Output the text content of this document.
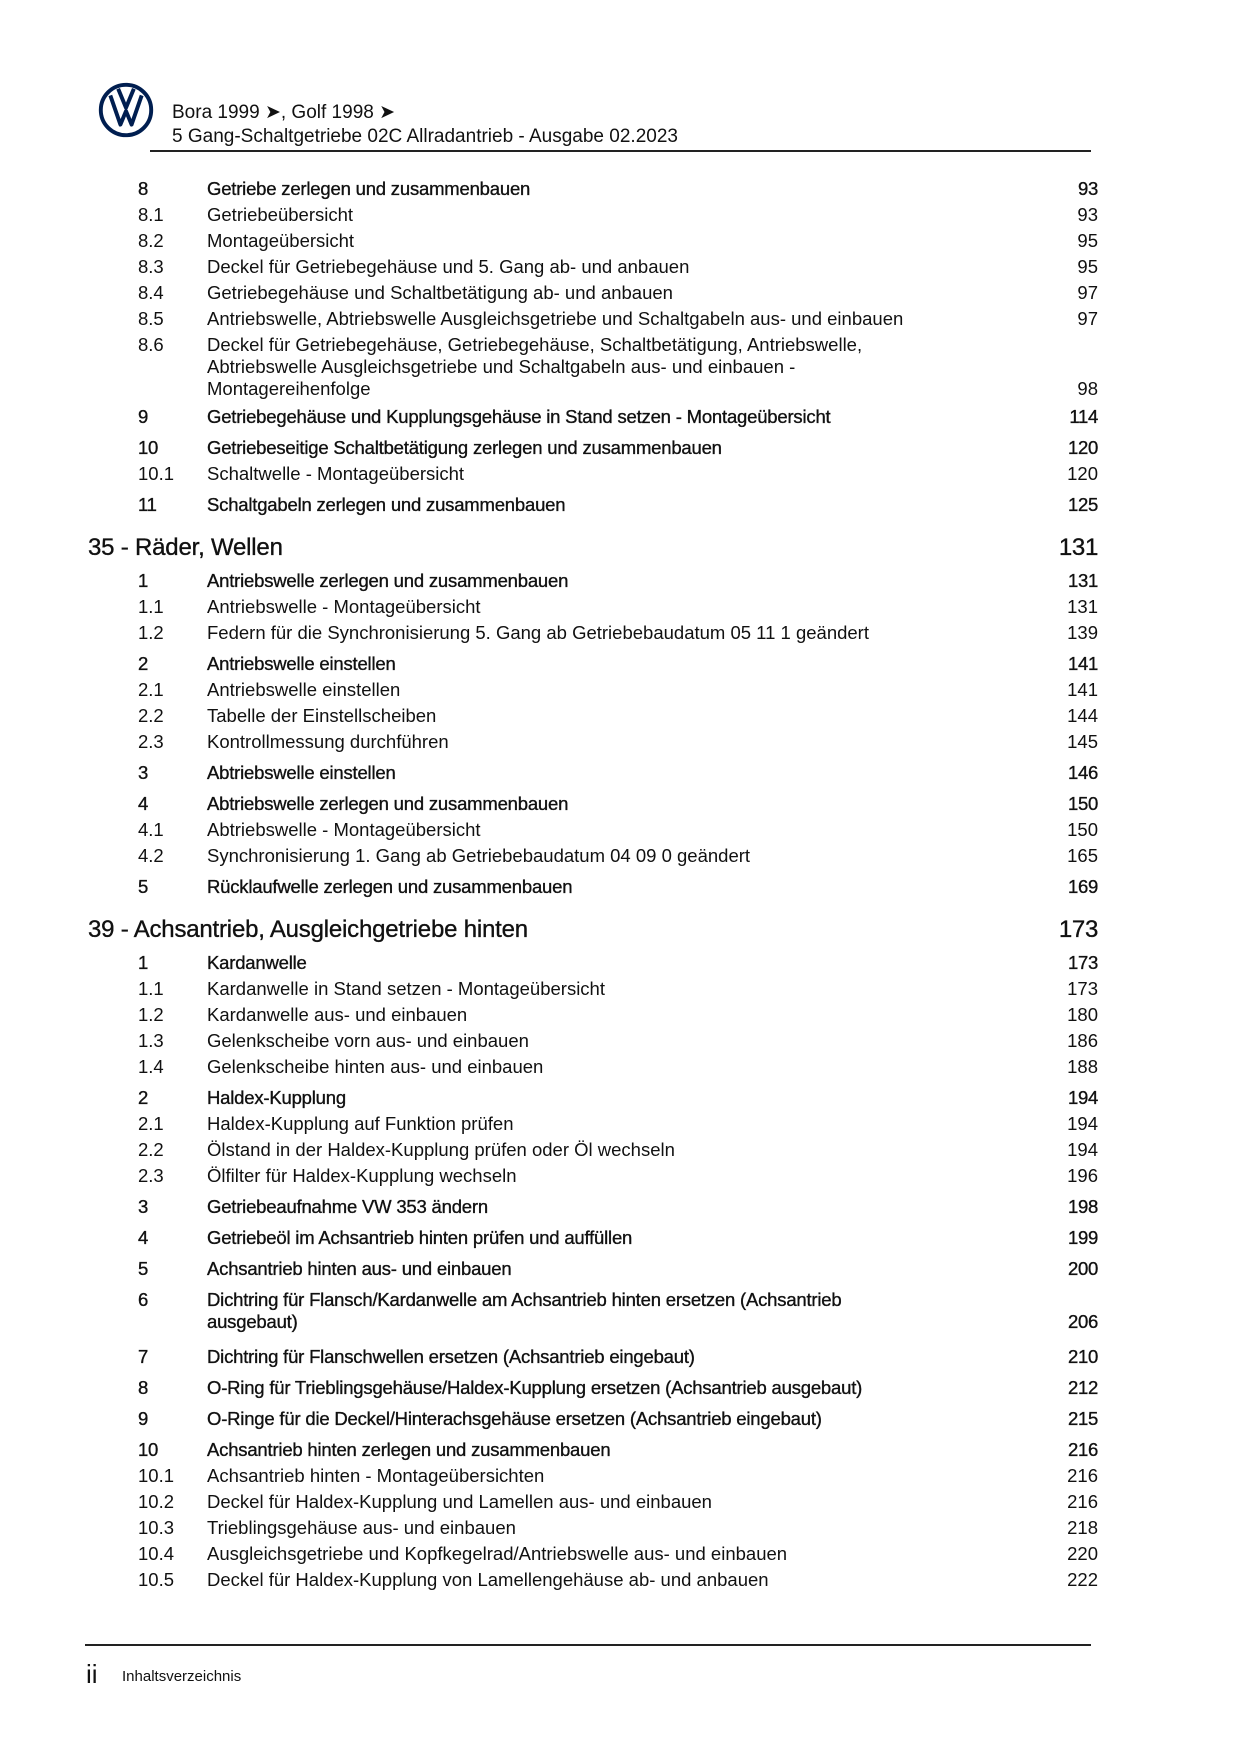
Bora 1999 ➤, Golf 1998 ➤
5 Gang-Schaltgetriebe 02C Allradantrieb - Ausgabe 02.2023
8	Getriebe zerlegen und zusammenbauen	93
8.1 Getriebeübersicht	93
8.2 Montageübersicht	95
8.3 Deckel für Getriebegehäuse und 5. Gang ab- und anbauen	95
8.4 Getriebegehäuse und Schaltbetätigung ab- und anbauen	97
8.5 Antriebswelle, Abtriebswelle Ausgleichsgetriebe und Schaltgabeln aus- und einbauen	97
8.6 Deckel für Getriebegehäuse, Getriebegehäuse, Schaltbetätigung, Antriebswelle,
Abtriebswelle Ausgleichsgetriebe und Schaltgabeln aus- und einbauen -
Montagereihenfolge	98
9	Getriebegehäuse und Kupplungsgehäuse in Stand setzen - Montageübersicht	114
10	Getriebeseitige Schaltbetätigung zerlegen und zusammenbauen	120
10.1 Schaltwelle - Montageübersicht	120
11	Schaltgabeln zerlegen und zusammenbauen	125
35 - Räder, Wellen	131
1	Antriebswelle zerlegen und zusammenbauen	131
1.1 Antriebswelle - Montageübersicht	131
1.2 Federn für die Synchronisierung 5. Gang ab Getriebebaudatum 05 11 1 geändert	139
2	Antriebswelle einstellen	141
2.1 Antriebswelle einstellen	141
2.2 Tabelle der Einstellscheiben	144
2.3 Kontrollmessung durchführen	145
3	Abtriebswelle einstellen	146
4	Abtriebswelle zerlegen und zusammenbauen	150
4.1 Abtriebswelle - Montageübersicht	150
4.2 Synchronisierung 1. Gang ab Getriebebaudatum 04 09 0 geändert	165
5	Rücklaufwelle zerlegen und zusammenbauen	169
39 - Achsantrieb, Ausgleichgetriebe hinten	173
1	Kardanwelle	173
1.1 Kardanwelle in Stand setzen - Montageübersicht	173
1.2 Kardanwelle aus- und einbauen	180
1.3 Gelenkscheibe vorn aus- und einbauen	186
1.4 Gelenkscheibe hinten aus- und einbauen	188
2	Haldex-Kupplung	194
2.1 Haldex-Kupplung auf Funktion prüfen	194
2.2 Ölstand in der Haldex-Kupplung prüfen oder Öl wechseln	194
2.3 Ölfilter für Haldex-Kupplung wechseln	196
3	Getriebeaufnahme VW 353 ändern	198
4	Getriebeöl im Achsantrieb hinten prüfen und auffüllen	199
5	Achsantrieb hinten aus- und einbauen	200
6	Dichtring für Flansch/Kardanwelle am Achsantrieb hinten ersetzen (Achsantrieb
ausgebaut)	206
7	Dichtring für Flanschwellen ersetzen (Achsantrieb eingebaut)	210
8	O-Ring für Trieblingsgehäuse/Haldex-Kupplung ersetzen (Achsantrieb ausgebaut)	212
9	O-Ringe für die Deckel/Hinterachsgehäuse ersetzen (Achsantrieb eingebaut)	215
10	Achsantrieb hinten zerlegen und zusammenbauen	216
10.1 Achsantrieb hinten - Montageübersichten	216
10.2 Deckel für Haldex-Kupplung und Lamellen aus- und einbauen	216
10.3 Trieblingsgehäuse aus- und einbauen	218
10.4 Ausgleichsgetriebe und Kopfkegelrad/Antriebswelle aus- und einbauen	220
10.5 Deckel für Haldex-Kupplung von Lamellengehäuse ab- und anbauen	222
ii Inhaltsverzeichnis
